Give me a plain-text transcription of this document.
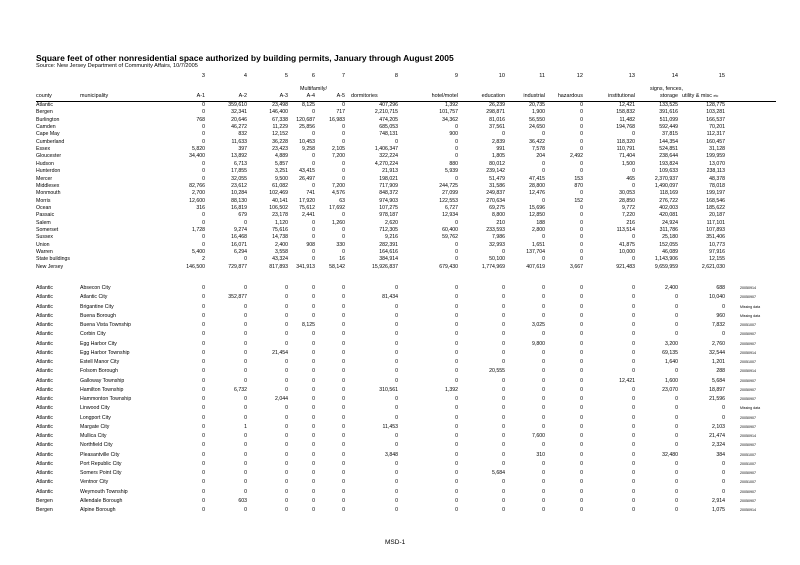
Square feet of other nonresidential space authorized by building permits, January through August 2005
Source: New Jersey Department of Community Affairs, 10/7/2005
3	4	5	6	7	8	9	10	11	12	13	14	15
Multifamily/	signs, fences,
county	municipality	A-1	A-2	A-3	A-4	A-5 dormitories	hotel/motel	education	industrial	hazardous	institutional	storage utility & misc etc
Atlantic	0	359,610	23,498	8,125	0	407,296	1,392	26,239	20,735	0	12,421	133,525	128,775
Bergen	0	32,341	146,400	0	717	2,210,715	101,757	298,871	1,900	0	158,832	391,616	103,281
Burlington	768	20,646	67,338	120,687	16,983	474,205	34,362	81,016	56,550	0	11,482	511,099	166,537
Camden	0	46,272	11,229	25,856	0	685,053	0	37,561	24,650	0	194,768	592,449	70,201
Cape May	0	832	12,152	0	0	748,131	900	0	0	0	0	37,815	112,317
Cumberland	0	11,633	36,228	10,453	0	0	0	2,839	36,422	0	118,320	144,354	160,457
Essex	5,820	397	23,423	9,258	2,105	1,406,347	0	991	7,578	0	110,791	524,851	31,128
Gloucester	34,400	13,892	4,889	0	7,200	322,224	0	1,805	204	2,492	71,404	238,644	199,959
Hudson	0	6,713	5,857	0	0	4,270,224	880	80,012	0	0	1,500	193,824	13,070
Hunterdon	0	17,855	3,251	43,415	0	21,913	5,939	239,142	0	0	0	109,633	238,113
Mercer	0	32,055	9,500	26,497	0	198,021	0	51,479	47,415	153	465	2,370,937	48,378
Middlesex	82,766	23,612	61,082	0	7,200	717,909	244,725	31,586	28,800	870	0	1,490,097	78,018
Monmouth	2,700	10,284	102,469	741	4,576	848,372	27,099	249,837	12,476	0	30,053	118,169	199,197
Morris	12,600	88,130	40,141	17,920	63	974,903	122,553	270,634	0	152	28,850	276,722	168,546
Ocean	316	16,819	106,502	75,612	17,692	107,275	6,727	69,275	15,696	0	9,772	402,003	185,622
Passaic	0	679	23,178	2,441	0	978,187	12,934	8,800	12,850	0	7,220	420,081	20,187
Salem	0	0	1,120	0	1,260	2,620	0	210	188	0	216	24,924	117,101
Somerset	1,728	9,274	75,616	0	0	712,305	60,400	233,593	2,800	0	113,514	311,786	107,893
Sussex	0	16,468	14,738	0	0	9,216	59,762	7,986	0	0	0	25,180	351,406
Union	0	16,071	2,400	908	330	282,391	0	32,993	1,651	0	41,875	152,055	10,773
Warren	5,400	6,294	3,558	0	0	164,616	0	0	137,704	0	10,000	46,089	97,916
State buildings	2	0	43,324	0	16	384,914	0	50,100	0	0	0	1,143,906	12,155
New Jersey	146,500	729,877	817,893	341,913	58,142	15,926,837	679,430	1,774,969	407,619	3,667	921,483	9,659,959	2,621,030
Atlantic	Absecon City	0	0	0	0	0	0	0	0	0	0	0	2,400	688	20050914
Atlantic	Atlantic City	0	352,877	0	0	0	81,434	0	0	0	0	0	0	10,040	20050907
Atlantic	Brigantine City	0	0	0	0	0	0	0	0	0	0	0	0	0	Missing data
Atlantic	Buena Borough	0	0	0	0	0	0	0	0	0	0	0	0	960	Missing data
Atlantic	Buena Vista Township	0	0	0	8,125	0	0	0	0	3,025	0	0	0	7,832	20051007
Atlantic	Corbin City	0	0	0	0	0	0	0	0	0	0	0	0	0	20050907
Atlantic	Egg Harbor City	0	0	0	0	0	0	0	0	9,800	0	0	3,200	2,760	20050907
Atlantic	Egg Harbor Township	0	0	21,454	0	0	0	0	0	0	0	0	69,135	32,544	20050914
Atlantic	Estell Manor City	0	0	0	0	0	0	0	0	0	0	0	1,640	1,201	20051007
Atlantic	Folsom Borough	0	0	0	0	0	0	0	20,555	0	0	0	0	288	20050914
Atlantic	Galloway Township	0	0	0	0	0	0	0	0	0	0	12,421	1,600	5,684	20050907
Atlantic	Hamilton Township	0	6,732	0	0	0	310,561	1,392	0	0	0	0	23,070	18,897	20050907
Atlantic	Hammonton Township	0	0	2,044	0	0	0	0	0	0	0	0	0	21,596	20050907
Atlantic	Linwood City	0	0	0	0	0	0	0	0	0	0	0	0	0	Missing data
Atlantic	Longport City	0	0	0	0	0	0	0	0	0	0	0	0	0	20050907
Atlantic	Margate City	0	1	0	0	0	11,453	0	0	0	0	0	0	2,103	20050907
Atlantic	Mullica City	0	0	0	0	0	0	0	0	7,600	0	0	0	21,474	20050914
Atlantic	Northfield City	0	0	0	0	0	0	0	0	0	0	0	0	2,324	20050907
Atlantic	Pleasantville City	0	0	0	0	0	3,848	0	0	310	0	0	32,480	384	20051007
Atlantic	Port Republic City	0	0	0	0	0	0	0	0	0	0	0	0	0	20051007
Atlantic	Somers Point City	0	0	0	0	0	0	0	5,684	0	0	0	0	0	20050907
Atlantic	Ventnor City	0	0	0	0	0	0	0	0	0	0	0	0	0	20051007
Atlantic	Weymouth Township	0	0	0	0	0	0	0	0	0	0	0	0	0	20050907
Bergen	Allendale Borough	0	603	0	0	0	0	0	0	0	0	0	0	2,914	20050907
Bergen	Alpine Borough	0	0	0	0	0	0	0	0	0	0	0	0	1,075	20050914
MSD-1
